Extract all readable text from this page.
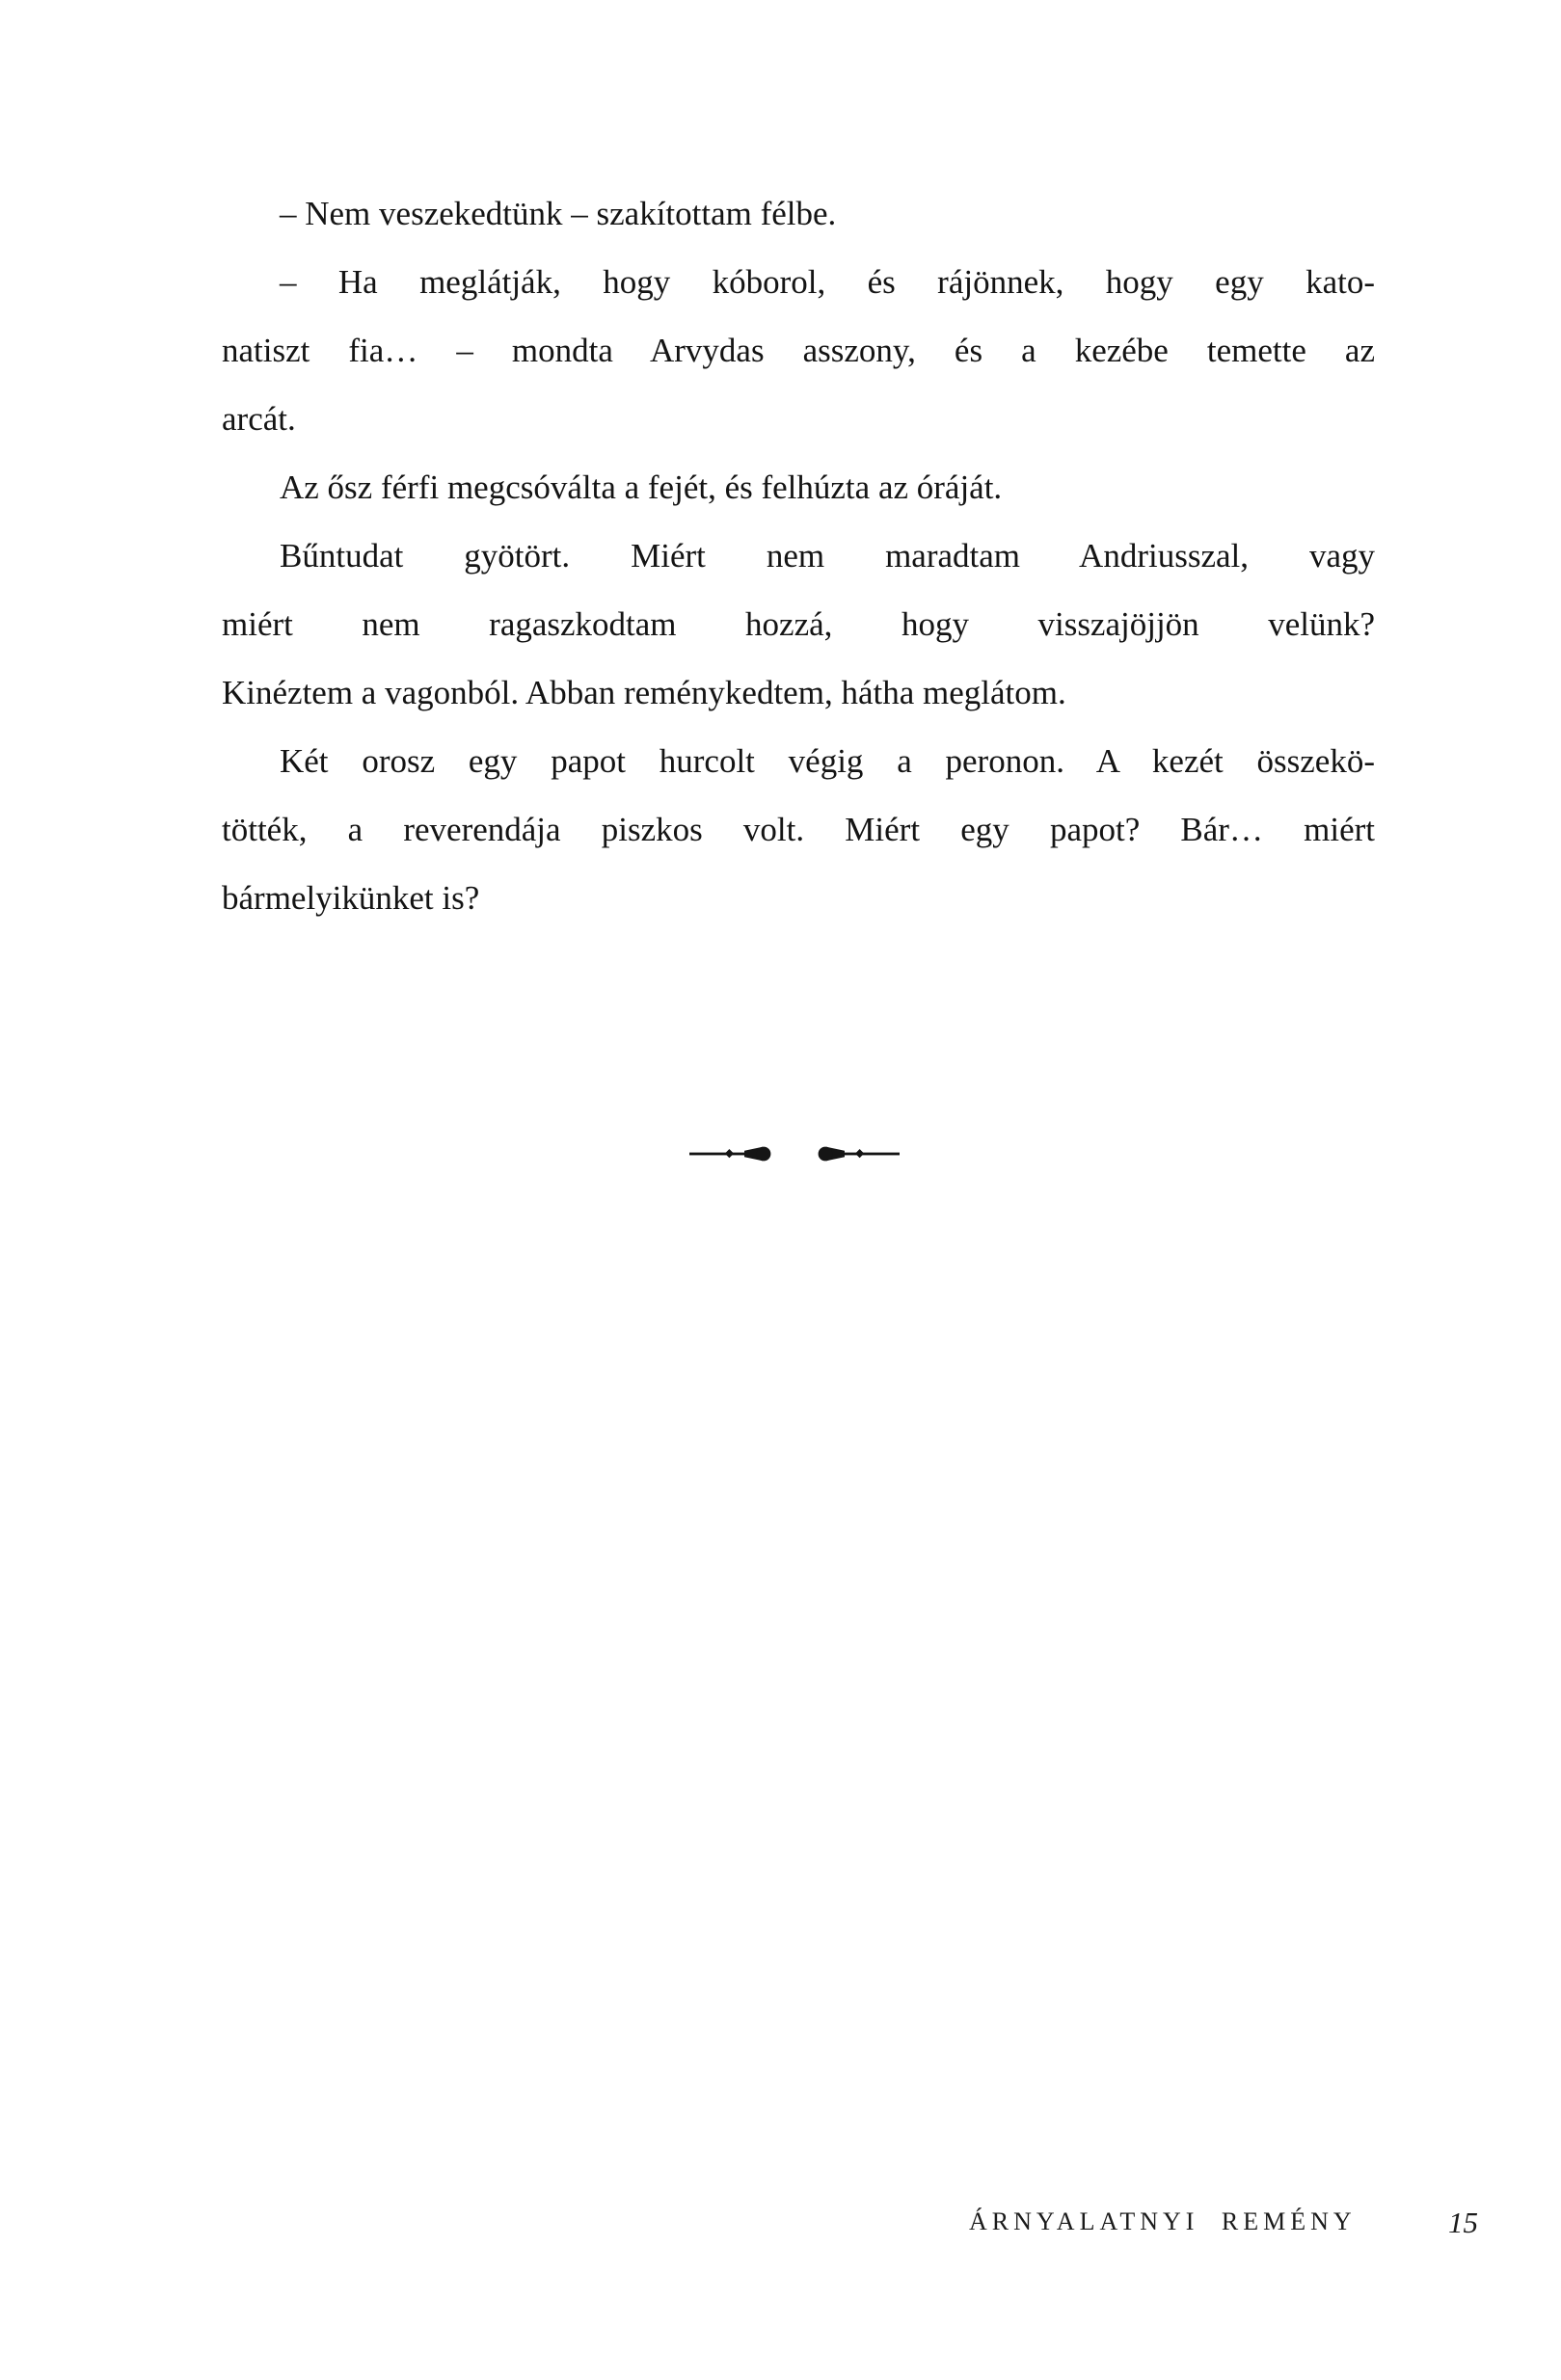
– Nem veszekedtünk – szakítottam félbe.
– Ha meglátják, hogy kóborol, és rájönnek, hogy egy kato-
natiszt fia… – mondta Arvydas asszony, és a kezébe temette az
arcát.
Az ősz férfi megcsóválta a fejét, és felhúzta az óráját.
Bűntudat gyötört. Miért nem maradtam Andriusszal, vagy
miért nem ragaszkodtam hozzá, hogy visszajöjjön velünk?
Kinéztem a vagonból. Abban reménykedtem, hátha meglátom.
Két orosz egy papot hurcolt végig a peronon. A kezét összekö-
tötték, a reverendája piszkos volt. Miért egy papot? Bár… miért
bármelyikünket is?
ÁRNYALATNYI REMÉNY	15
